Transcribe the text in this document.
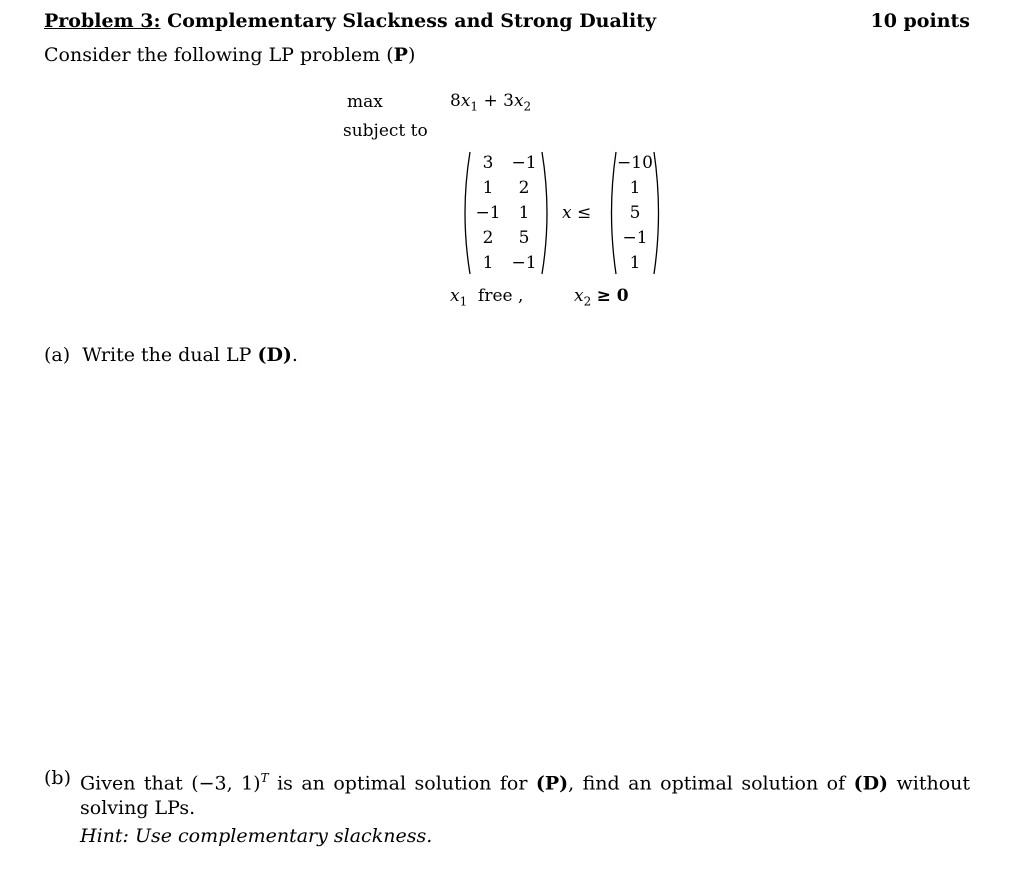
Problem 3: Complementary Slackness and Strong Duality	10 points
Consider the following LP problem (P)
max	$8x_1 + 3x_2$
subject to
3	−1
1	2
−1	1
2	5
1	−1
x ≤
−10
1
5
−1
1
$x_1$ free ,	$x_2 \ge 0$
(a) Write the dual LP (D).
(b) Given that (−3, 1)$^T$ is an optimal solution for (P), find an optimal solution of (D) without solving LPs.
Hint: Use complementary slackness.
